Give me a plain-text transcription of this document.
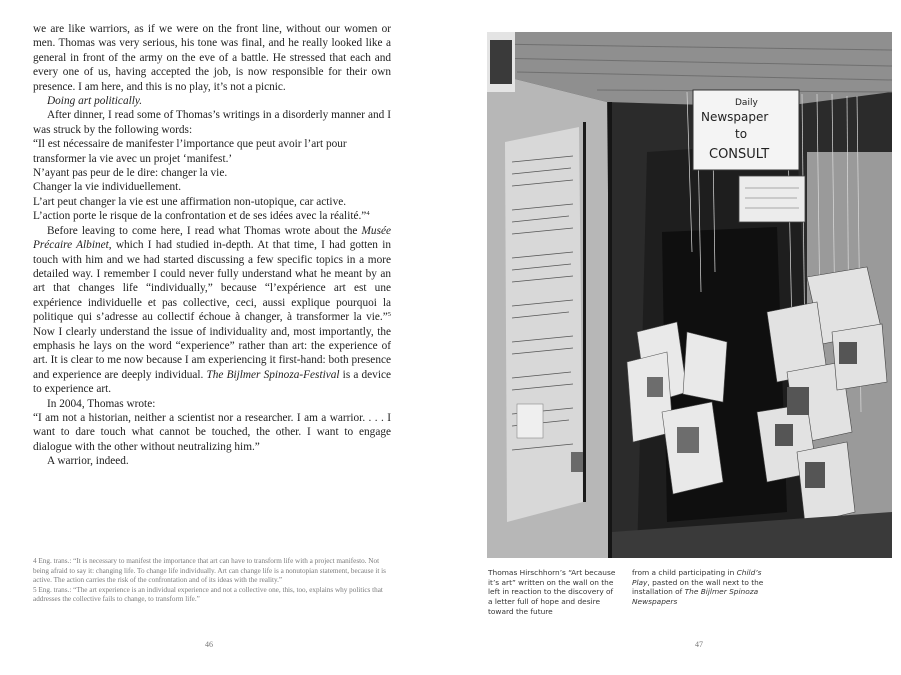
we are like warriors, as if we were on the front line, without our women or men. Thomas was very serious, his tone was final, and he really looked like a general in front of the army on the eve of a battle. He stressed that each and every one of us, having accepted the job, is now responsible for their own presence. I am here, and this is no play, it’s not a picnic.

Doing art politically.

After dinner, I read some of Thomas’s writings in a disorderly manner and I was struck by the following words:

“Il est nécessaire de manifester l’importance que peut avoir l’art pour transformer la vie avec un projet ‘manifest.’

N’ayant pas peur de le dire: changer la vie.

Changer la vie individuellement.

L’art peut changer la vie est une affirmation non-utopique, car active.

L’action porte le risque de la confrontation et de ses idées avec la réalité.”$^4$

Before leaving to come here, I read what Thomas wrote about the Musée Précaire Albinet, which I had studied in-depth. At that time, I had gotten in touch with him and we had started discussing a few specific topics in a more detailed way. I remember I could never fully understand what he meant by an art that changes life “individually,” because “l’expérience art est une expérience individuelle et pas collective, ceci, aussi explique pourquoi la politique qui s’adresse au collectif échoue à changer, à transformer la vie.”$^5$ Now I clearly understand the issue of individuality and, most importantly, the emphasis he lays on the word “experience” rather than art: the experience of art. It is clear to me now because I am experiencing it first-hand: both presence and experience are deeply individual. The Bijlmer Spinoza-Festival is a device to experience art.

In 2004, Thomas wrote:

“I am not a historian, neither a scientist nor a researcher. I am a warrior. . . . I want to dare touch what cannot be touched, the other. I want to engage dialogue with the other without neutralizing him.”

A warrior, indeed.

4 Eng. trans.: “It is necessary to manifest the importance that art can have to transform life with a project manifesto. Not being afraid to say it: changing life. To change life individually. Art can change life is a nonutopian statement, because it is active. The action carries the risk of the confrontation and of its ideas with the reality.”

5 Eng. trans.: “The art experience is an individual experience and not a collective one, this, too, explains why politics that addresses the collective fails to change, to transform life.”

46
Daily
Newspaper
to
CONSULT
Thomas Hirschhorn’s “Art because it’s art” written on the wall on the left in reaction to the discovery of a letter full of hope and desire toward the future
from a child participating in Child’s Play, pasted on the wall next to the installation of The Bijlmer Spinoza Newspapers
47
